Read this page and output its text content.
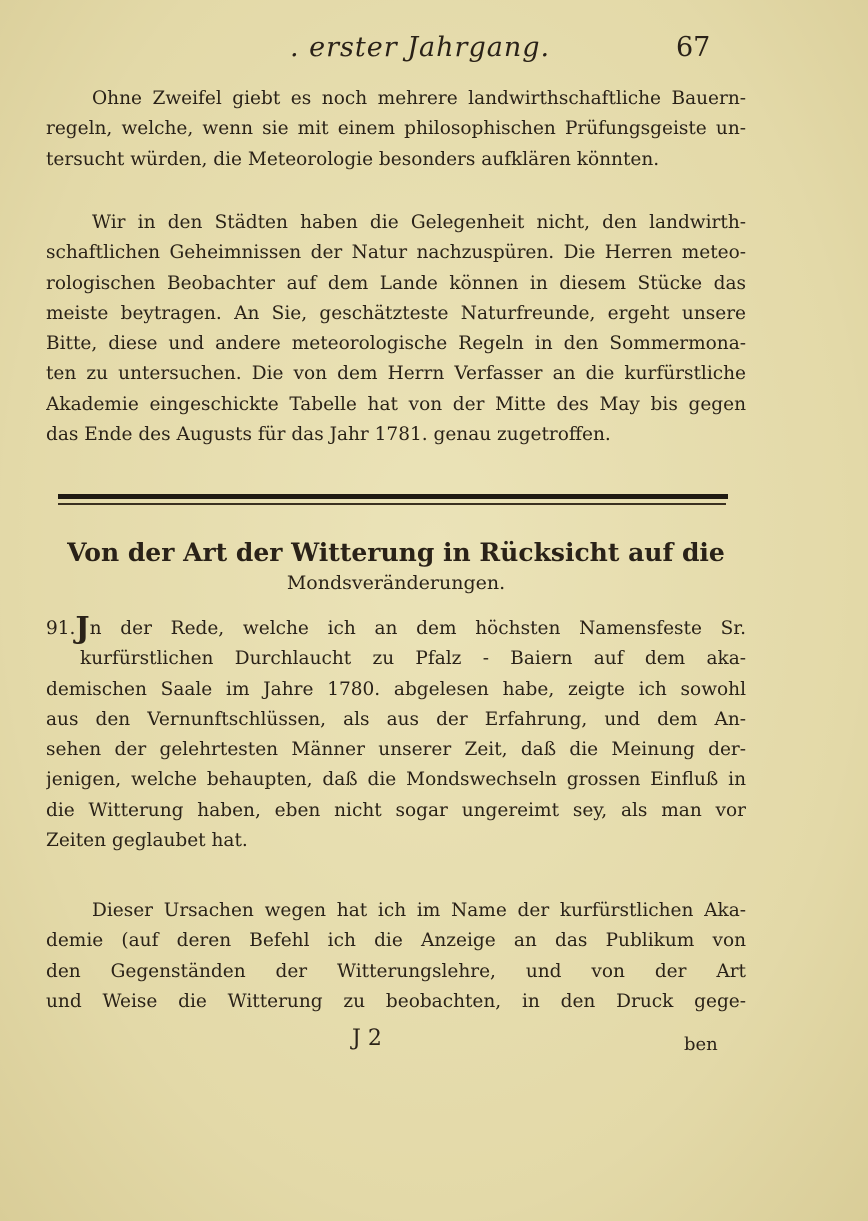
. erster Jahrgang.	67
Ohne Zweifel giebt es noch mehrere landwirthschaftliche Bauern-
regeln, welche, wenn sie mit einem philosophischen Prüfungsgeiste un-
tersucht würden, die Meteorologie besonders aufklären könnten.
Wir in den Städten haben die Gelegenheit nicht, den landwirth-
schaftlichen Geheimnissen der Natur nachzuspüren. Die Herren meteo-
rologischen Beobachter auf dem Lande können in diesem Stücke das
meiste beytragen. An Sie, geschätzteste Naturfreunde, ergeht unsere
Bitte, diese und andere meteorologische Regeln in den Sommermona-
ten zu untersuchen. Die von dem Herrn Verfasser an die kurfürstliche
Akademie eingeschickte Tabelle hat von der Mitte des May bis gegen
das Ende des Augusts für das Jahr 1781. genau zugetroffen.
Von der Art der Witterung in Rücksicht auf die
Mondsveränderungen.
91.Jn der Rede, welche ich an dem höchsten Namensfeste Sr.
kurfürstlichen Durchlaucht zu Pfalz - Baiern auf dem aka-
demischen Saale im Jahre 1780. abgelesen habe, zeigte ich sowohl
aus den Vernunftschlüssen, als aus der Erfahrung, und dem An-
sehen der gelehrtesten Männer unserer Zeit, daß die Meinung der-
jenigen, welche behaupten, daß die Mondswechseln grossen Einfluß in
die Witterung haben, eben nicht sogar ungereimt sey, als man vor
Zeiten geglaubet hat.
Dieser Ursachen wegen hat ich im Name der kurfürstlichen Aka-
demie (auf deren Befehl ich die Anzeige an das Publikum von
den Gegenständen der Witterungslehre, und von der Art
und Weise die Witterung zu beobachten, in den Druck gege-
J 2	ben
